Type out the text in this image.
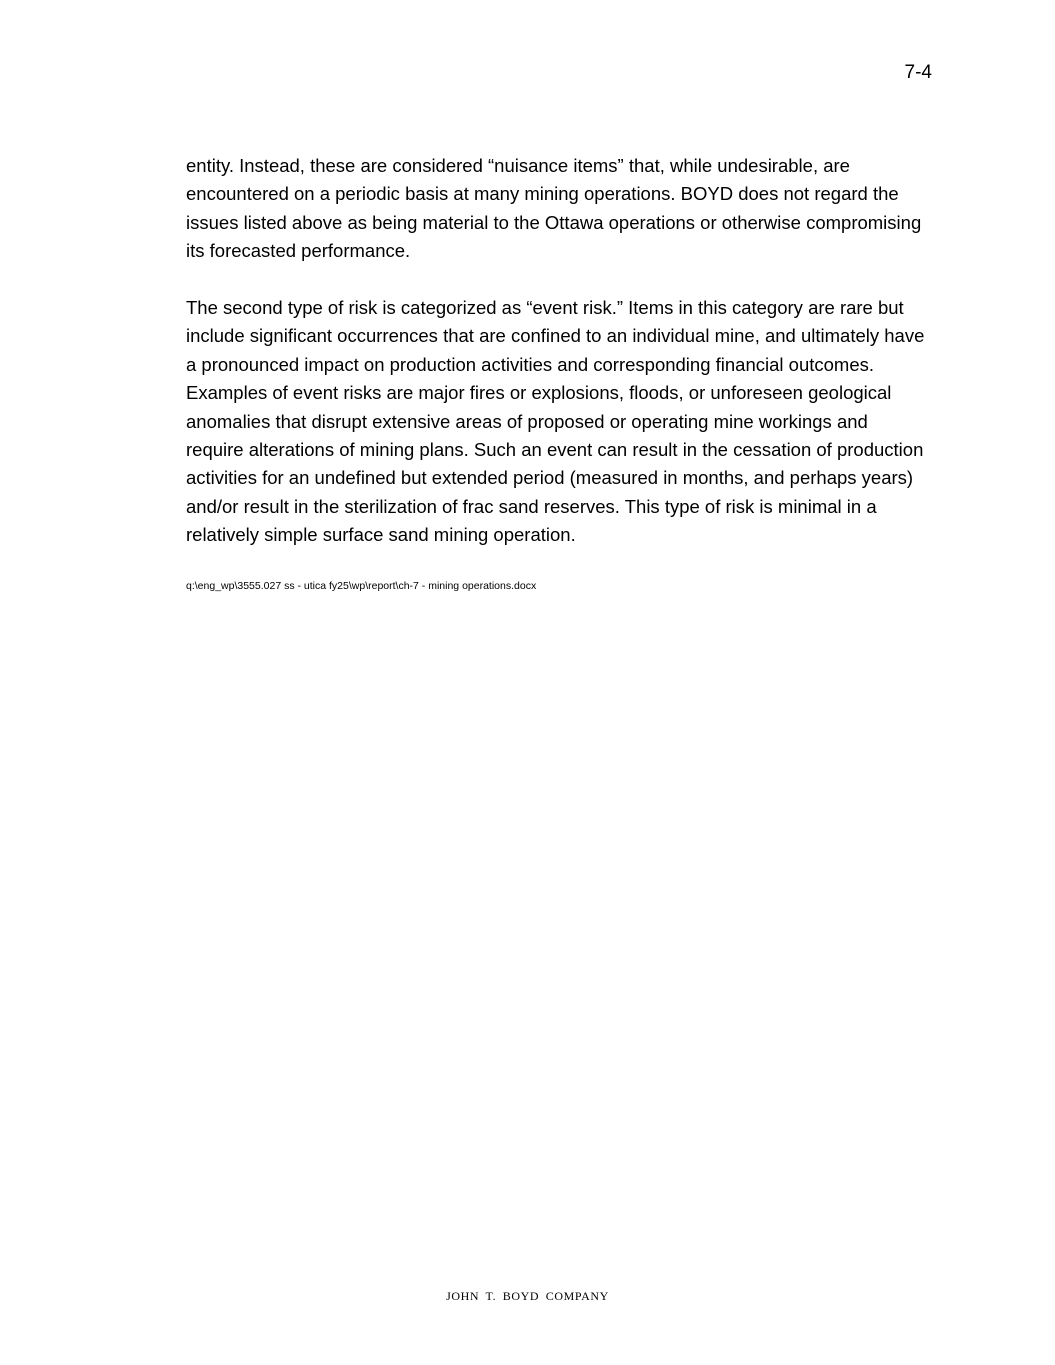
7-4

entity. Instead, these are considered “nuisance items” that, while undesirable, are encountered on a periodic basis at many mining operations. BOYD does not regard the issues listed above as being material to the Ottawa operations or otherwise compromising its forecasted performance.

The second type of risk is categorized as “event risk.” Items in this category are rare but include significant occurrences that are confined to an individual mine, and ultimately have a pronounced impact on production activities and corresponding financial outcomes. Examples of event risks are major fires or explosions, floods, or unforeseen geological anomalies that disrupt extensive areas of proposed or operating mine workings and require alterations of mining plans. Such an event can result in the cessation of production activities for an undefined but extended period (measured in months, and perhaps years) and/or result in the sterilization of frac sand reserves. This type of risk is minimal in a relatively simple surface sand mining operation.

q:\eng_wp\3555.027 ss - utica fy25\wp\report\ch-7 - mining operations.docx
JOHN T. BOYD COMPANY
